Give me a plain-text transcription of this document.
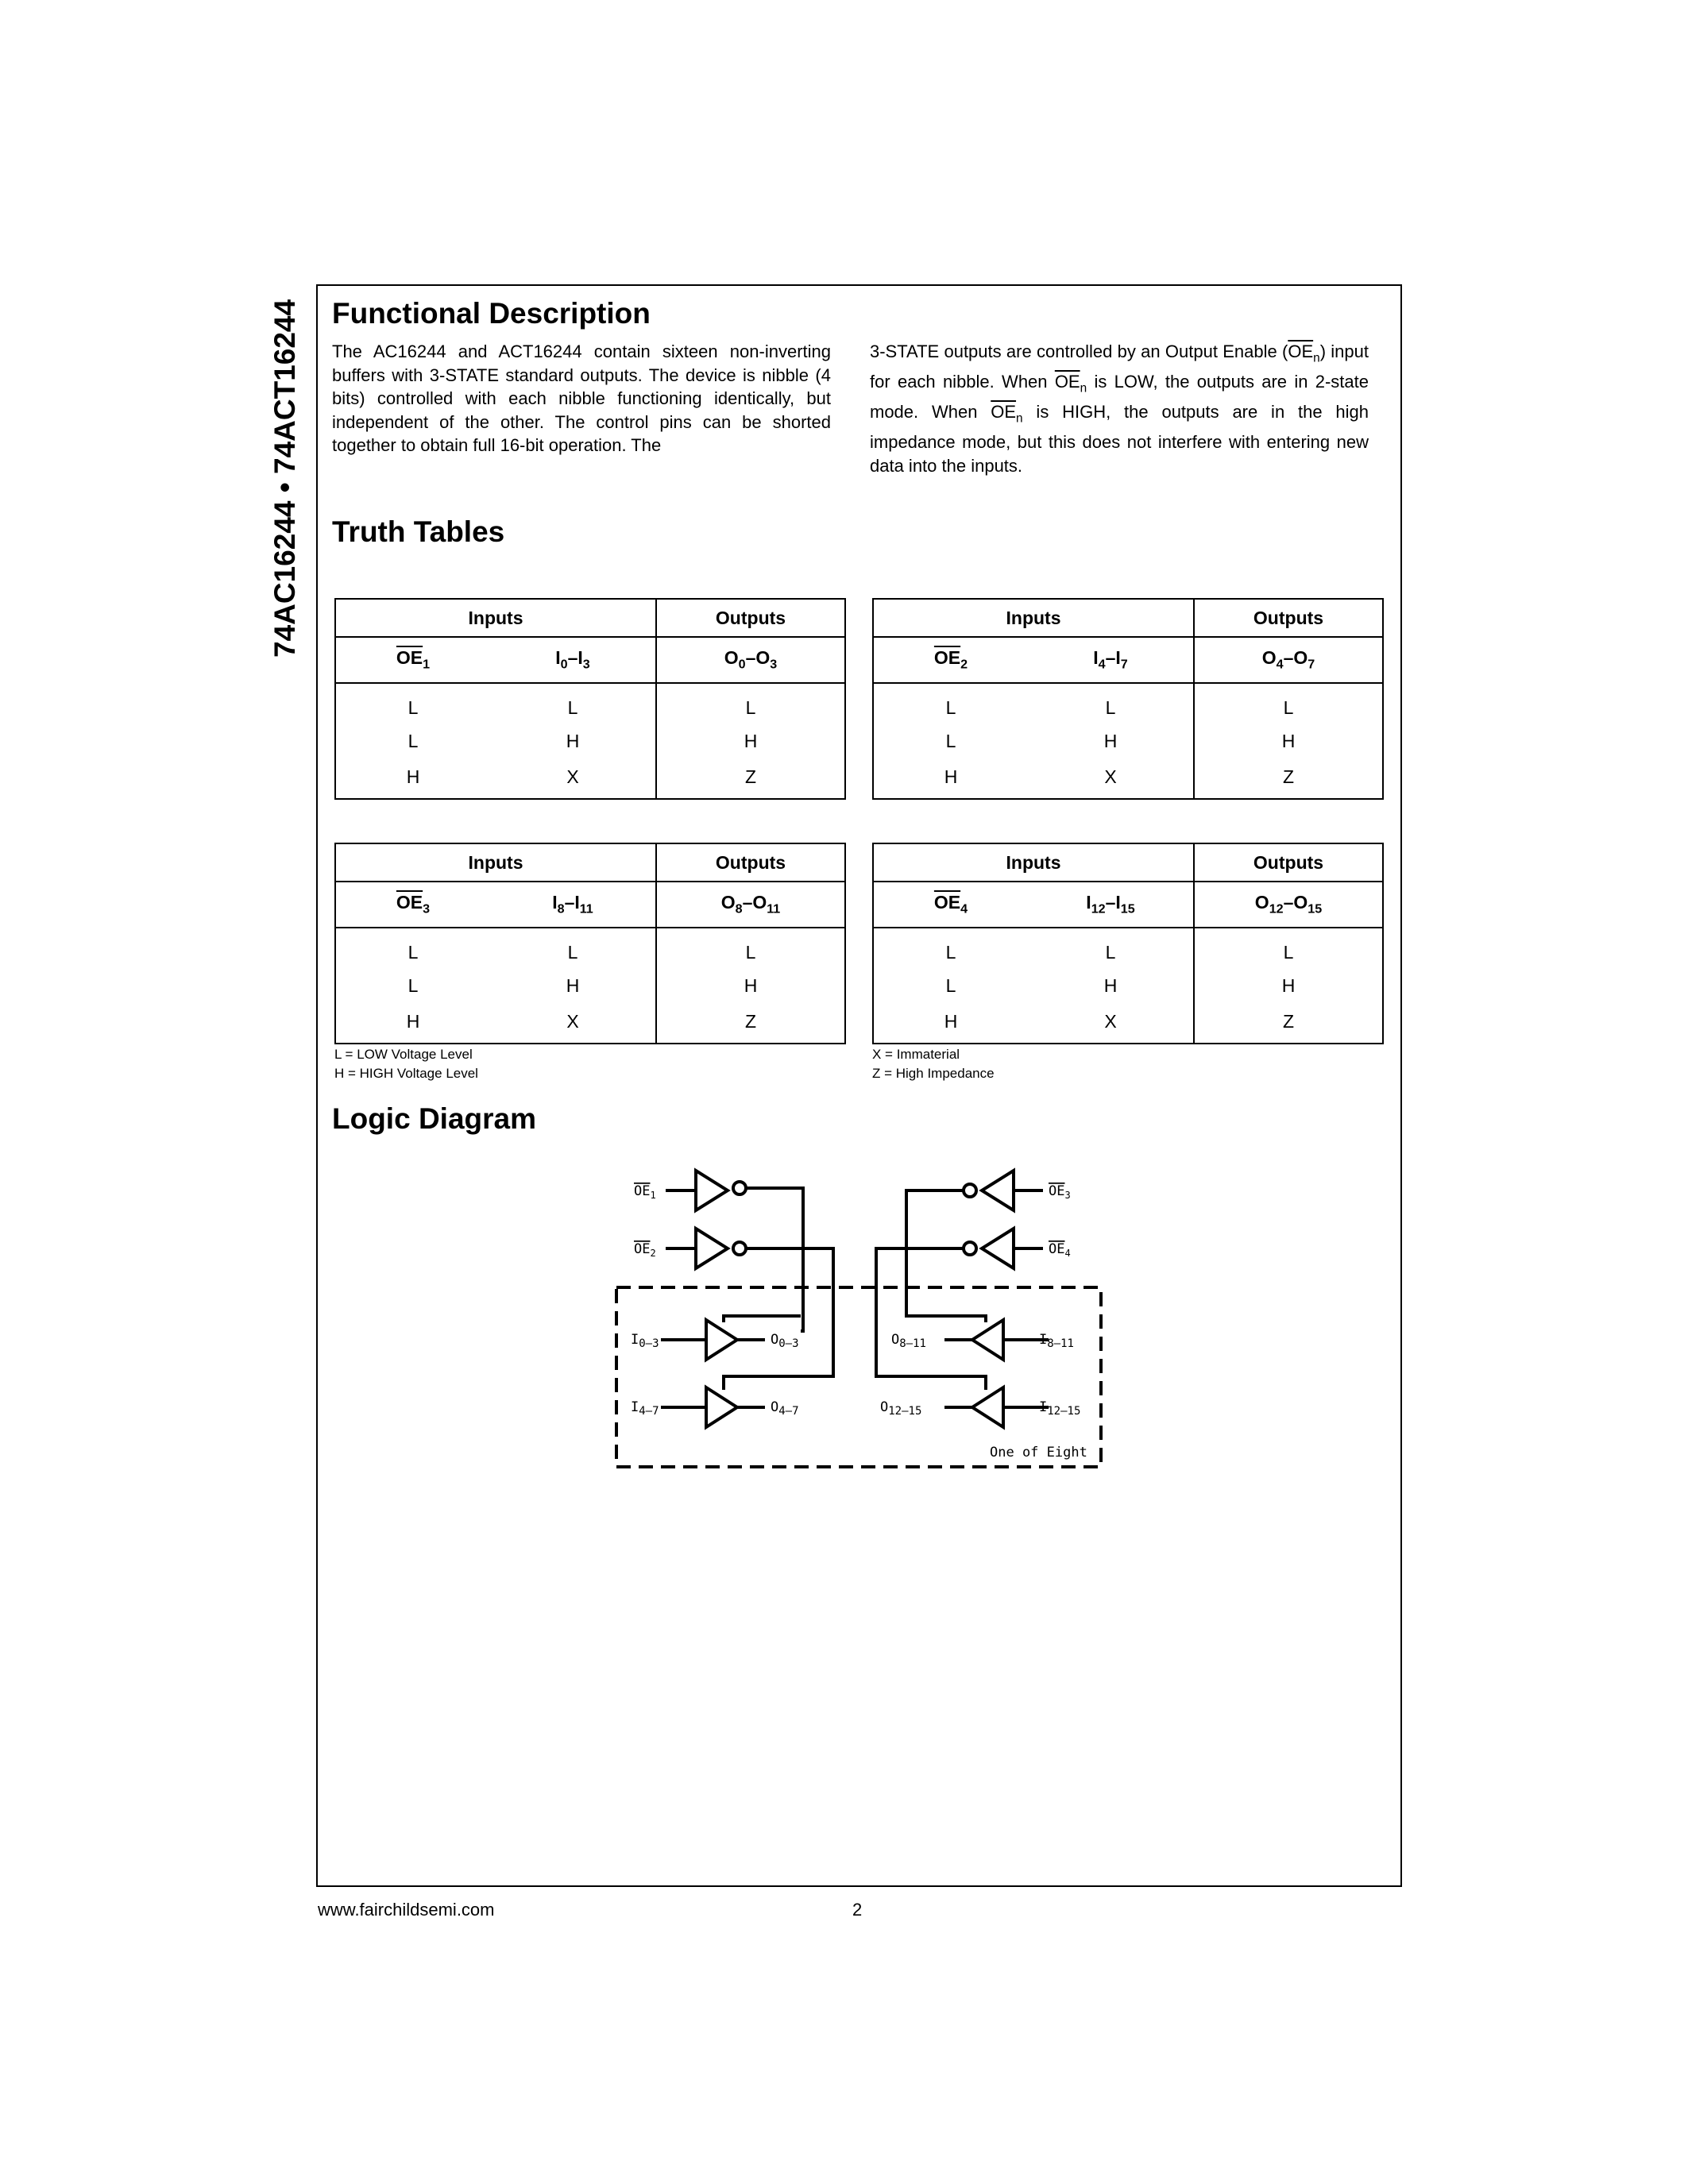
74AC16244 • 74ACT16244 Functional Description

The AC16244 and ACT16244 contain sixteen non-inverting buffers with 3-STATE standard outputs. The device is nibble (4 bits) controlled with each nibble functioning identically, but independent of the other. The control pins can be shorted together to obtain full 16-bit operation. The

3-STATE outputs are controlled by an Output Enable $(\overline{OE}_n)$ input for each nibble. When $\overline{OE}_n$ is LOW, the outputs are in 2-state mode. When $\overline{OE}_n$ is HIGH, the outputs are in the high impedance mode, but this does not interfere with entering new data into the inputs.

Truth Tables
Inputs		Outputs
$\overline{OE}_1$	$I_0-I_3$	$O_0-O_3$
L	L	L
L	H	H
H	X	Z
Inputs		Outputs
$\overline{OE}_2$	$I_4-I_7$	$O_4-O_7$
L	L	L
L	H	H
H	X	Z
Inputs		Outputs
$\overline{OE}_3$	$I_8-I_{11}$	$O_8-O_{11}$
L	L	L
L	H	H
H	X	Z
Inputs		Outputs
$\overline{OE}_4$	$I_{12}-I_{15}$	$O_{12}-O_{15}$
L	L	L
L	H	H
H	X	Z
L = LOW Voltage Level
H = HIGH Voltage Level
X = Immaterial
Z = High Impedance
Logic Diagram
$OE_1$
$OE_2$
$OE_3$
$OE_4$
$I_{0-3}$	$O_{0-3}$
$I_{4-7}$	$O_{4-7}$
$O_{8-11}$	$I_{8-11}$
$O_{12-15}$	$I_{12-15}$
One of Eight
www.fairchildsemi.com	2
